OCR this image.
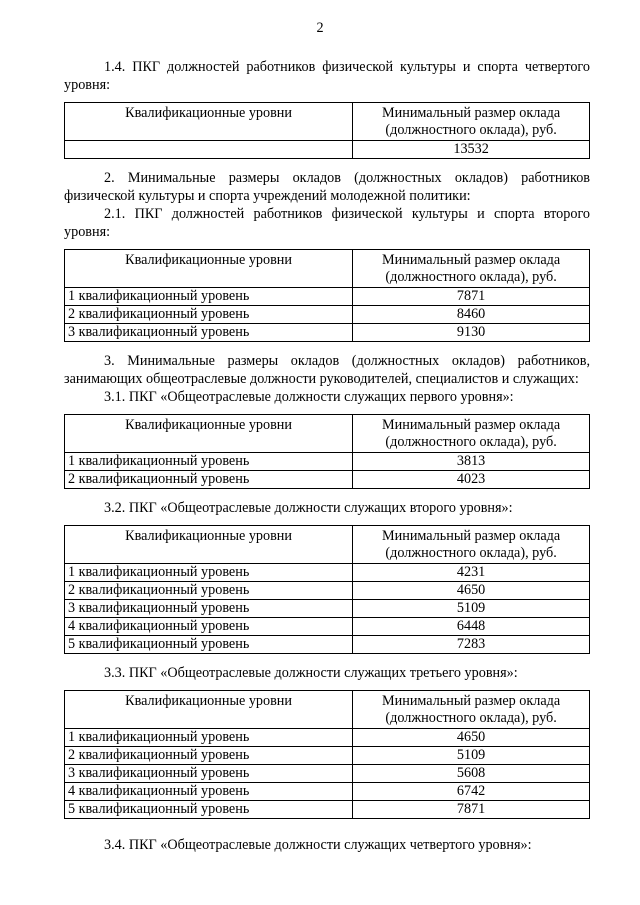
2

1.4. ПКГ должностей работников физической культуры и спорта четвертого уровня:

Квалификационные уровни	Минимальный размер оклада (должностного оклада), руб.
	13532

2. Минимальные размеры окладов (должностных окладов) работников физической культуры и спорта учреждений молодежной политики:

2.1. ПКГ должностей работников физической культуры и спорта второго уровня:

Квалификационные уровни	Минимальный размер оклада (должностного оклада), руб.
1 квалификационный уровень	7871
2 квалификационный уровень	8460
3 квалификационный уровень	9130

3. Минимальные размеры окладов (должностных окладов) работников, занимающих общеотраслевые должности руководителей, специалистов и служащих:

3.1. ПКГ «Общеотраслевые должности служащих первого уровня»:

Квалификационные уровни	Минимальный размер оклада (должностного оклада), руб.
1 квалификационный уровень	3813
2 квалификационный уровень	4023

3.2. ПКГ «Общеотраслевые должности служащих второго уровня»:

Квалификационные уровни	Минимальный размер оклада (должностного оклада), руб.
1 квалификационный уровень	4231
2 квалификационный уровень	4650
3 квалификационный уровень	5109
4 квалификационный уровень	6448
5 квалификационный уровень	7283

3.3. ПКГ «Общеотраслевые должности служащих третьего уровня»:

Квалификационные уровни	Минимальный размер оклада (должностного оклада), руб.
1 квалификационный уровень	4650
2 квалификационный уровень	5109
3 квалификационный уровень	5608
4 квалификационный уровень	6742
5 квалификационный уровень	7871

3.4. ПКГ «Общеотраслевые должности служащих четвертого уровня»:
